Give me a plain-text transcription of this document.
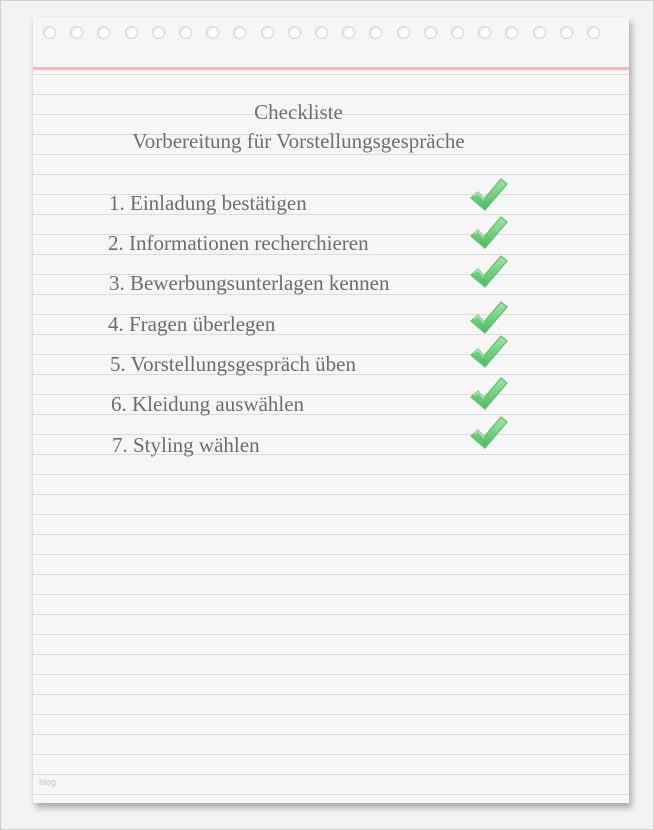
Checkliste
Vorbereitung für Vorstellungsgespräche
1. Einladung bestätigen
2. Informationen recherchieren
3. Bewerbungsunterlagen kennen
4. Fragen überlegen
5. Vorstellungsgespräch üben
6. Kleidung auswählen
7. Styling wählen
blog
